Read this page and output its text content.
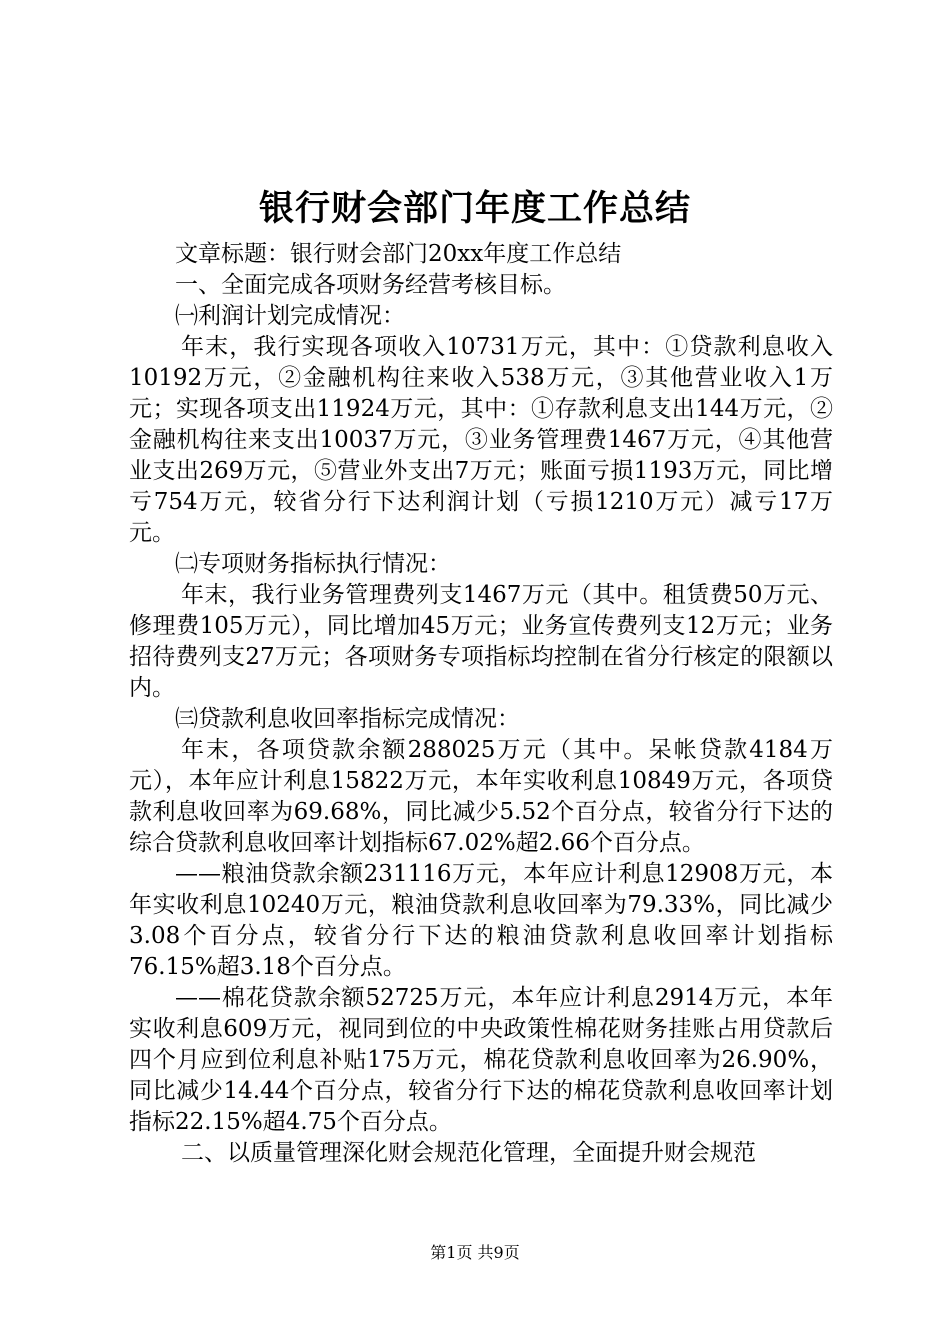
银行财会部门年度工作总结

文章标题：银行财会部门20xx年度工作总结

一、全面完成各项财务经营考核目标。

㈠利润计划完成情况：

年末，我行实现各项收入10731万元，其中：①贷款利息收入10192万元，②金融机构往来收入538万元，③其他营业收入1万元；实现各项支出11924万元，其中：①存款利息支出144万元，②金融机构往来支出10037万元，③业务管理费1467万元，④其他营业支出269万元，⑤营业外支出7万元；账面亏损1193万元，同比增亏754万元，较省分行下达利润计划（亏损1210万元）减亏17万元。

㈡专项财务指标执行情况：

年末，我行业务管理费列支1467万元（其中。租赁费50万元、修理费105万元），同比增加45万元；业务宣传费列支12万元；业务招待费列支27万元；各项财务专项指标均控制在省分行核定的限额以内。

㈢贷款利息收回率指标完成情况：

年末，各项贷款余额288025万元（其中。呆帐贷款4184万元），本年应计利息15822万元，本年实收利息10849万元，各项贷款利息收回率为69.68%，同比减少5.52个百分点，较省分行下达的综合贷款利息收回率计划指标67.02%超2.66个百分点。

——粮油贷款余额231116万元，本年应计利息12908万元，本年实收利息10240万元，粮油贷款利息收回率为79.33%，同比减少3.08个百分点，较省分行下达的粮油贷款利息收回率计划指标76.15%超3.18个百分点。

——棉花贷款余额52725万元，本年应计利息2914万元，本年实收利息609万元，视同到位的中央政策性棉花财务挂账占用贷款后四个月应到位利息补贴175万元，棉花贷款利息收回率为26.90%，同比减少14.44个百分点，较省分行下达的棉花贷款利息收回率计划指标22.15%超4.75个百分点。

二、以质量管理深化财会规范化管理，全面提升财会规范

第1页 共9页
